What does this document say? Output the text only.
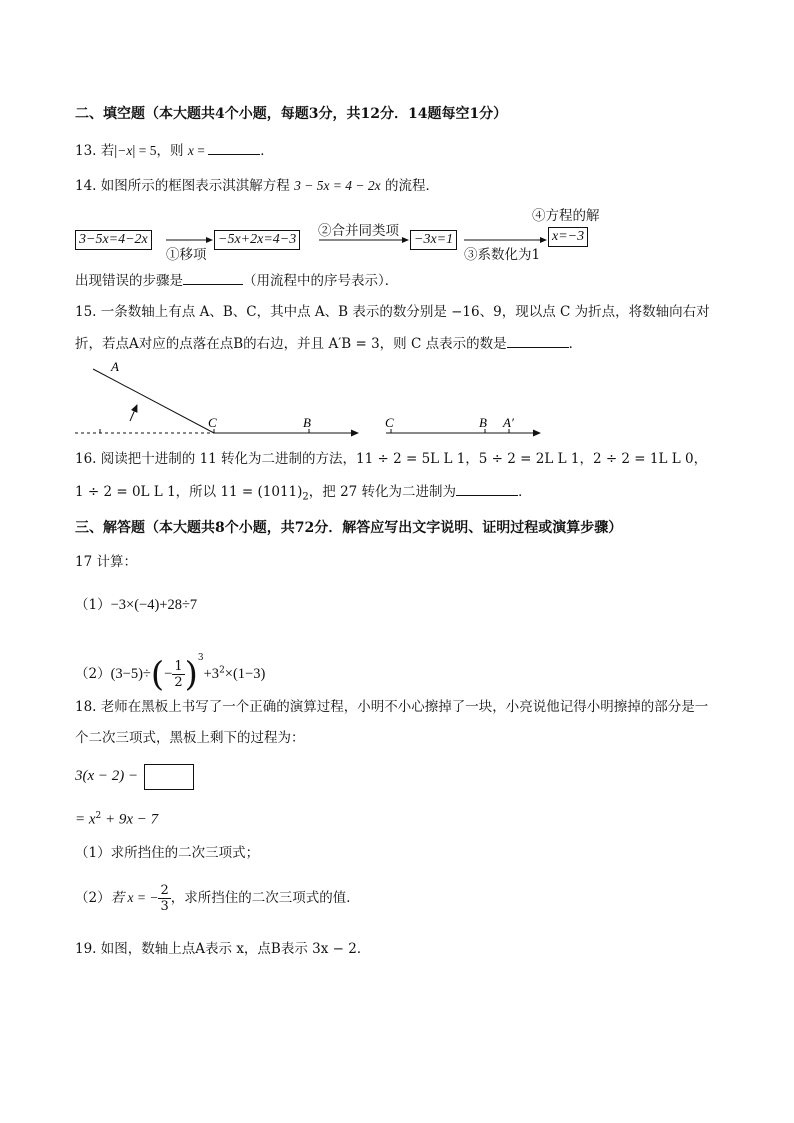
二、填空题（本大题共4个小题，每题3分，共12分．14题每空1分）
13. 若|−x| = 5，则 x =	．
14. 如图所示的框图表示淇淇解方程 3 − 5x = 4 − 2x 的流程．
3−5x=4−2x	−5x+2x=4−3	−3x=1	x=−3
①移项
②合并同类项
③系数化为1
④方程的解
出现错误的步骤是	（用流程中的序号表示）．
15. 一条数轴上有点 A、B、C，其中点 A、B 表示的数分别是 −16、9，现以点 C 为折点，将数轴向右对
折，若点A对应的点落在点B的右边，并且 A′B = 3，则 C 点表示的数是	．
A
C	B	C	B A′
16. 阅读把十进制的 11 转化为二进制的方法，11 ÷ 2 = 5L L 1，5 ÷ 2 = 2L L 1，2 ÷ 2 = 1L L 0，
1 ÷ 2 = 0L L 1，所以 $11 = (1011)_2$，把 27 转化为二进制为	．
三、解答题（本大题共8个小题，共72分．解答应写出文字说明、证明过程或演算步骤）
17 计算：
（1）−3×(−4)+28÷7
$(2)(3-5)\div(- \frac{1}{2} )^3+3^2\times(1-3)$
18. 老师在黑板上书写了一个正确的演算过程，小明不小心擦掉了一块，小亮说他记得小明擦掉的部分是一
个二次三项式，黑板上剩下的过程为：
3(x − 2) −
= $x^2 + 9x - 7$
（1）求所挡住的二次三项式；
（2）若 x = − $\frac{2}{3}$ ，求所挡住的二次三项式的值．
19. 如图，数轴上点A表示 x，点B表示 3x − 2．
